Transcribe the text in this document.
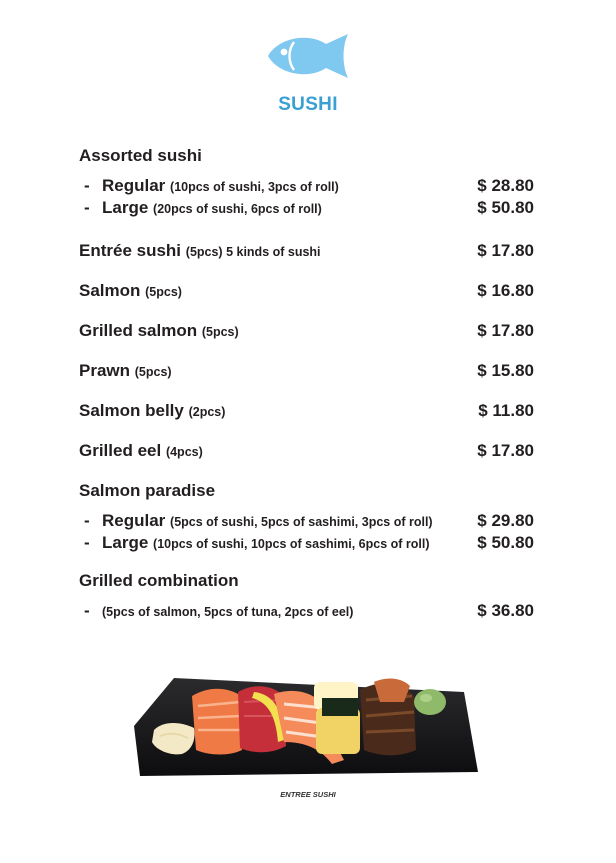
SUSHI
Assorted sushi
- Regular (10pcs of sushi, 3pcs of roll)	$ 28.80
- Large (20pcs of sushi, 6pcs of roll)	$ 50.80
Entrée sushi (5pcs) 5 kinds of sushi	$ 17.80
Salmon (5pcs)	$ 16.80
Grilled salmon (5pcs)	$ 17.80
Prawn (5pcs)	$ 15.80
Salmon belly (2pcs)	$ 11.80
Grilled eel (4pcs)	$ 17.80
Salmon paradise
- Regular (5pcs of sushi, 5pcs of sashimi, 3pcs of roll)	$ 29.80
- Large (10pcs of sushi, 10pcs of sashimi, 6pcs of roll)	$ 50.80
Grilled combination
- (5pcs of salmon, 5pcs of tuna, 2pcs of eel)	$ 36.80
ENTREE SUSHI
